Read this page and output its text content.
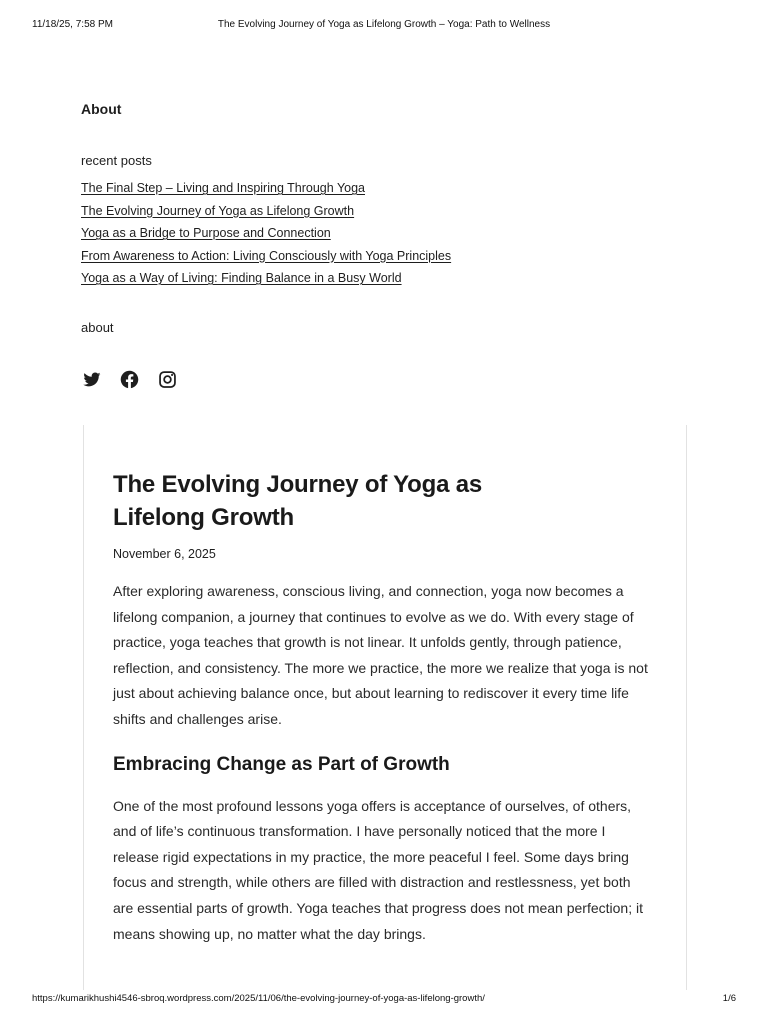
11/18/25, 7:58 PM	The Evolving Journey of Yoga as Lifelong Growth – Yoga: Path to Wellness
About
recent posts
The Final Step – Living and Inspiring Through Yoga
The Evolving Journey of Yoga as Lifelong Growth
Yoga as a Bridge to Purpose and Connection
From Awareness to Action: Living Consciously with Yoga Principles
Yoga as a Way of Living: Finding Balance in a Busy World
about
The Evolving Journey of Yoga as Lifelong Growth
November 6, 2025

After exploring awareness, conscious living, and connection, yoga now becomes a lifelong companion, a journey that continues to evolve as we do. With every stage of practice, yoga teaches that growth is not linear. It unfolds gently, through patience, reflection, and consistency. The more we practice, the more we realize that yoga is not just about achieving balance once, but about learning to rediscover it every time life shifts and challenges arise.

Embracing Change as Part of Growth

One of the most profound lessons yoga offers is acceptance of ourselves, of others, and of life’s continuous transformation. I have personally noticed that the more I release rigid expectations in my practice, the more peaceful I feel. Some days bring focus and strength, while others are filled with distraction and restlessness, yet both are essential parts of growth. Yoga teaches that progress does not mean perfection; it means showing up, no matter what the day brings.

https://kumarikhushi4546-sbroq.wordpress.com/2025/11/06/the-evolving-journey-of-yoga-as-lifelong-growth/	1/6
